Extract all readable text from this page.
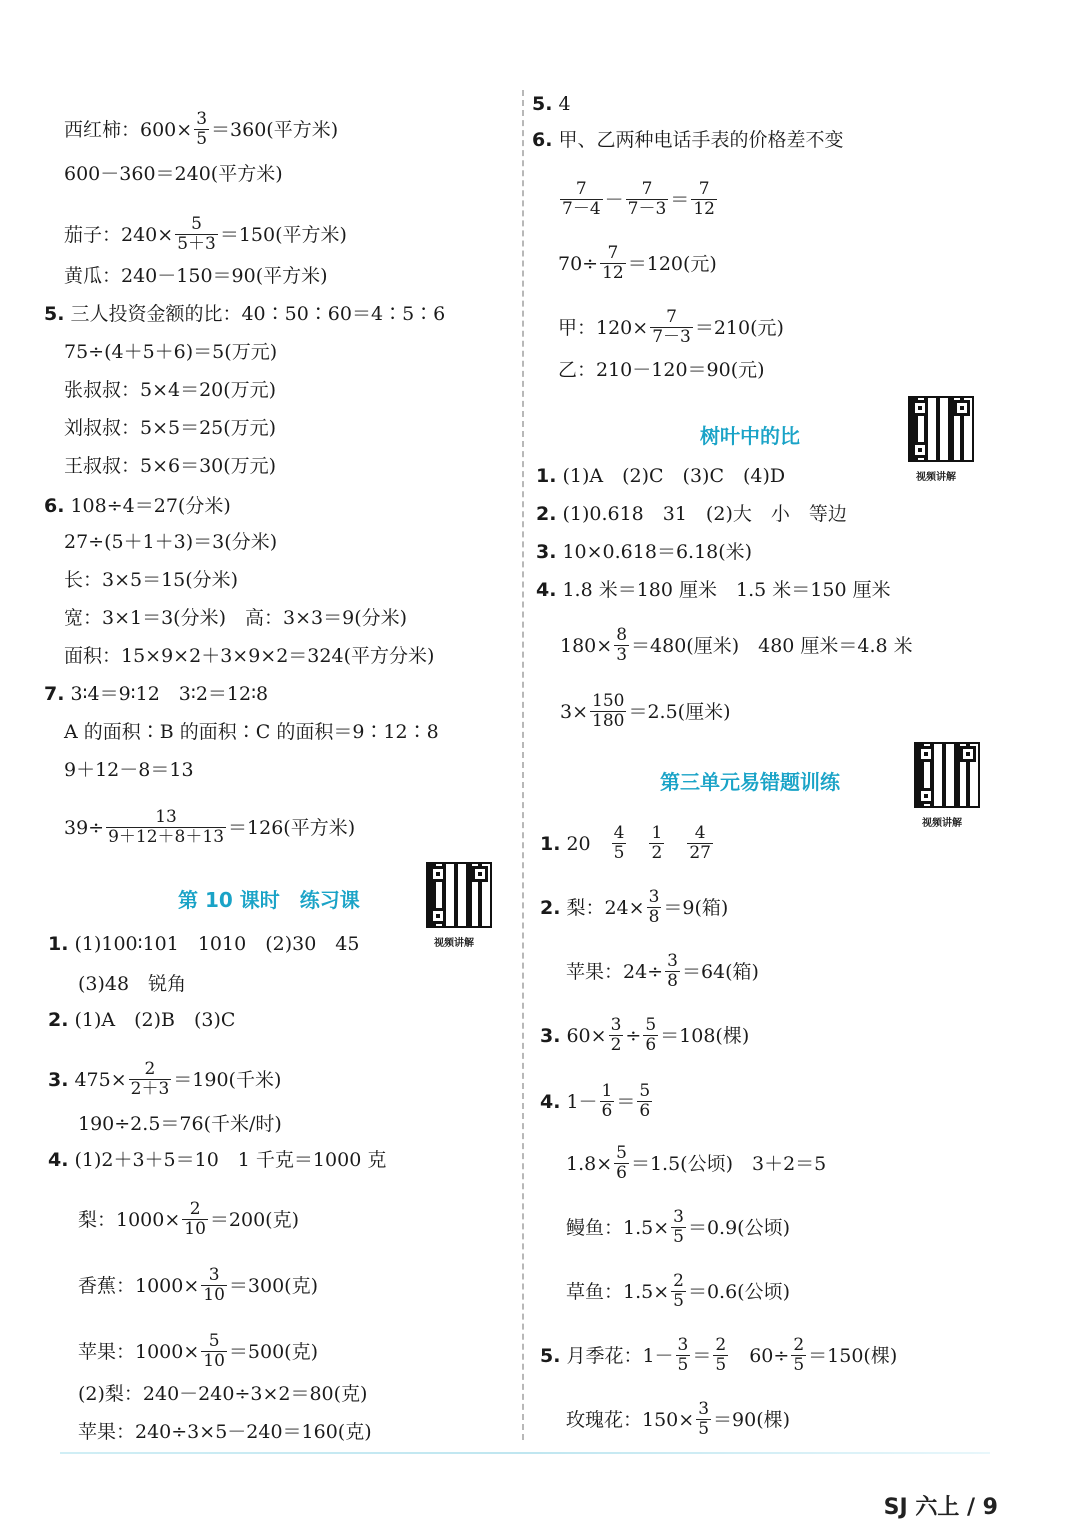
西红柿：$600\times \frac{3}{5} =360$(平方米)
600－360＝240(平方米)
茄子：$240\times \frac{5}{5+3} =150$(平方米)
黄瓜：240－150＝90(平方米)
5. 三人投资金额的比：40∶50∶60＝4∶5∶6
75÷(4＋5＋6)＝5(万元)
张叔叔：5×4＝20(万元)
刘叔叔：5×5＝25(万元)
王叔叔：5×6＝30(万元)
6. 108÷4＝27(分米)
27÷(5＋1＋3)＝3(分米)
长：3×5＝15(分米)
宽：3×1＝3(分米)　高：3×3＝9(分米)
面积：15×9×2＋3×9×2＝324(平方分米)
7. 3∶4＝9∶12　3∶2＝12∶8
A 的面积∶B 的面积∶C 的面积＝9∶12∶8
9＋12－8＝13
$39\div \frac{13}{9+12+8+13} =126$(平方米)
1. (1)100∶101　1010　(2)30　45
(3)48　锐角
2. (1)A　(2)B　(3)C
3. $475\times \frac{2}{2+3} =190$(千米)
190÷2.5＝76(千米/时)
4. (1)2＋3＋5＝10　1 千克＝1000 克
梨：$1000\times \frac{2}{10} =200$(克)
香蕉：$1000\times \frac{3}{10} =300$(克)
苹果：$1000\times \frac{5}{10} =500$(克)
(2)梨：240－240÷3×2＝80(克)
苹果：240÷3×5－240＝160(克)
5. 4
6. 甲、乙两种电话手表的价格差不变
7
7－4 － 7
7－3 ＝ 7
12
$70\div \frac{7}{12} =120$(元)
甲：$120\times \frac{7}{7-3} =210$(元)
乙：210－120＝90(元)
1. (1)A　(2)C　(3)C　(4)D
2. (1)0.618　31　(2)大　小　等边
3. 10×0.618＝6.18(米)
4. 1.8 米＝180 厘米　1.5 米＝150 厘米
$180\times \frac{8}{3} =480$(厘米)　480 厘米＝4.8 米
$3\times \frac{150}{180} =2.5$(厘米)
1. 20　 4
5

1
2

4
27
2. 梨：$24\times \frac{3}{8} =9$(箱)
苹果：$24\div \frac{3}{8} =64$(箱)
3. $60\times \frac{3}{2} \div \frac{5}{6} =108$(棵)
4. 1－ 1
6 ＝ 5
6
$1.8\times \frac{5}{6} =1.5$(公顷)　3＋2＝5
鳗鱼：$1.5\times \frac{3}{5} =0.9$(公顷)
草鱼：$1.5\times \frac{2}{5} =0.6$(公顷)
5. 月季花：1－ 3
5 ＝ 2
5 　$60\div \frac{2}{5} =150$(棵)
玫瑰花：$150\times \frac{3}{5} =90$(棵)
第 10 课时　练习课
视频讲解
树叶中的比
视频讲解
第三单元易错题训练
视频讲解
SJ 六上 / 9
